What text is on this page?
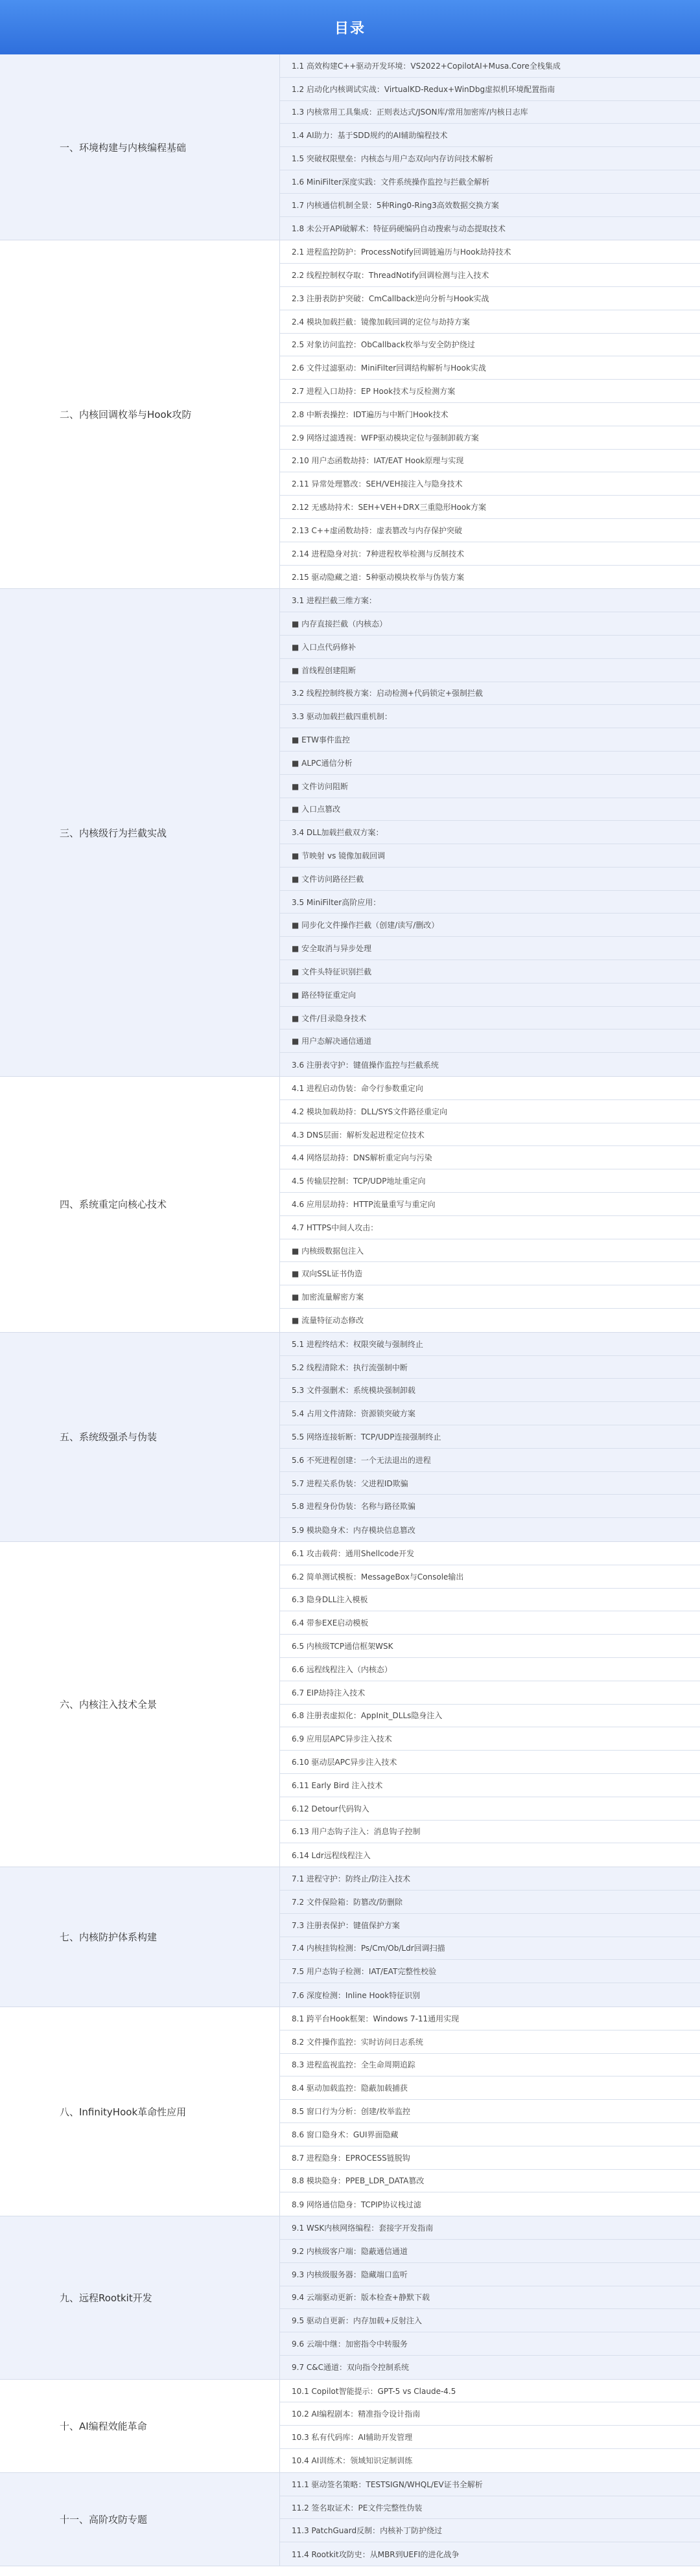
目录
一、环境构建与内核编程基础
1.1 高效构建C++驱动开发环境：VS2022+CopilotAI+Musa.Core全栈集成
1.2 启动化内核调试实战：VirtualKD-Redux+WinDbg虚拟机环境配置指南
1.3 内核常用工具集成：正则表达式/JSON库/常用加密库/内核日志库
1.4 AI助力：基于SDD规约的AI辅助编程技术
1.5 突破权限壁垒：内核态与用户态双向内存访问技术解析
1.6 MiniFilter深度实践：文件系统操作监控与拦截全解析
1.7 内核通信机制全景：5种Ring0-Ring3高效数据交换方案
1.8 未公开API破解术：特征码硬编码自动搜索与动态提取技术
二、内核回调枚举与Hook攻防
2.1 进程监控防护：ProcessNotify回调链遍历与Hook劫持技术
2.2 线程控制权夺取：ThreadNotify回调检测与注入技术
2.3 注册表防护突破：CmCallback逆向分析与Hook实战
2.4 模块加载拦截：镜像加载回调的定位与劫持方案
2.5 对象访问监控：ObCallback枚举与安全防护绕过
2.6 文件过滤驱动：MiniFilter回调结构解析与Hook实战
2.7 进程入口劫持：EP Hook技术与反检测方案
2.8 中断表操控：IDT遍历与中断门Hook技术
2.9 网络过滤透视：WFP驱动模块定位与强制卸载方案
2.10 用户态函数劫持：IAT/EAT Hook原理与实现
2.11 异常处理篡改：SEH/VEH接注入与隐身技术
2.12 无感劫持术：SEH+VEH+DRX三重隐形Hook方案
2.13 C++虚函数劫持：虚表篡改与内存保护突破
2.14 进程隐身对抗：7种进程枚举检测与反制技术
2.15 驱动隐藏之道：5种驱动模块枚举与伪装方案
三、内核级行为拦截实战
3.1 进程拦截三维方案：
■ 内存直接拦截（内核态）
■ 入口点代码修补
■ 首线程创建阻断
3.2 线程控制终极方案：启动检测+代码锁定+强制拦截
3.3 驱动加载拦截四重机制：
■ ETW事件监控
■ ALPC通信分析
■ 文件访问阻断
■ 入口点篡改
3.4 DLL加载拦截双方案：
■ 节映射 vs 镜像加载回调
■ 文件访问路径拦截
3.5 MiniFilter高阶应用：
■ 同步化文件操作拦截（创建/读写/删改）
■ 安全取消与异步处理
■ 文件头特征识别拦截
■ 路径特征重定向
■ 文件/目录隐身技术
■ 用户态解决通信通道
3.6 注册表守护：键值操作监控与拦截系统
四、系统重定向核心技术
4.1 进程启动伪装：命令行参数重定向
4.2 模块加载劫持：DLL/SYS文件路径重定向
4.3 DNS层面：解析发起进程定位技术
4.4 网络层劫持：DNS解析重定向与污染
4.5 传输层控制：TCP/UDP地址重定向
4.6 应用层劫持：HTTP流量重写与重定向
4.7 HTTPS中间人攻击：
■ 内核级数据包注入
■ 双向SSL证书伪造
■ 加密流量解密方案
■ 流量特征动态修改
五、系统级强杀与伪装
5.1 进程终结术：权限突破与强制终止
5.2 线程清除术：执行流强制中断
5.3 文件强删术：系统模块强制卸载
5.4 占用文件清除：资源锁突破方案
5.5 网络连接斩断：TCP/UDP连接强制终止
5.6 不死进程创建：一个无法退出的进程
5.7 进程关系伪装：父进程ID欺骗
5.8 进程身份伪装：名称与路径欺骗
5.9 模块隐身术：内存模块信息篡改
六、内核注入技术全景
6.1 攻击载荷：通用Shellcode开发
6.2 简单测试模板：MessageBox与Console输出
6.3 隐身DLL注入模板
6.4 带参EXE启动模板
6.5 内核级TCP通信框架WSK
6.6 远程线程注入（内核态）
6.7 EIP劫持注入技术
6.8 注册表虚拟化：AppInit_DLLs隐身注入
6.9 应用层APC异步注入技术
6.10 驱动层APC异步注入技术
6.11 Early Bird 注入技术
6.12 Detour代码钩入
6.13 用户态钩子注入：消息钩子控制
6.14 Ldr远程线程注入
七、内核防护体系构建
7.1 进程守护：防终止/防注入技术
7.2 文件保险箱：防篡改/防删除
7.3 注册表保护：键值保护方案
7.4 内核挂钩检测：Ps/Cm/Ob/Ldr回调扫描
7.5 用户态钩子检测：IAT/EAT完整性校验
7.6 深度检测：Inline Hook特征识别
八、InfinityHook革命性应用
8.1 跨平台Hook框架：Windows 7-11通用实现
8.2 文件操作监控：实时访问日志系统
8.3 进程监视监控：全生命周期追踪
8.4 驱动加载监控：隐蔽加载捕获
8.5 窗口行为分析：创建/枚举监控
8.6 窗口隐身术：GUI界面隐藏
8.7 进程隐身：EPROCESS链脱钩
8.8 模块隐身：PPEB_LDR_DATA篡改
8.9 网络通信隐身：TCPIP协议栈过滤
九、远程Rootkit开发
9.1 WSK内核网络编程：套接字开发指南
9.2 内核级客户端：隐蔽通信通道
9.3 内核级服务器：隐藏端口监听
9.4 云端驱动更新：版本检查+静默下载
9.5 驱动自更新：内存加载+反射注入
9.6 云端中继：加密指令中转服务
9.7 C&C通道：双向指令控制系统
十、AI编程效能革命
10.1 Copilot智能提示：GPT-5 vs Claude-4.5
10.2 AI编程剧本：精准指令设计指南
10.3 私有代码库：AI辅助开发管理
10.4 AI训练术：领域知识定制训练
十一、高阶攻防专题
11.1 驱动签名策略：TESTSIGN/WHQL/EV证书全解析
11.2 签名取证术：PE文件完整性伪装
11.3 PatchGuard反制：内核补丁防护绕过
11.4 Rootkit攻防史：从MBR到UEFI的进化战争
